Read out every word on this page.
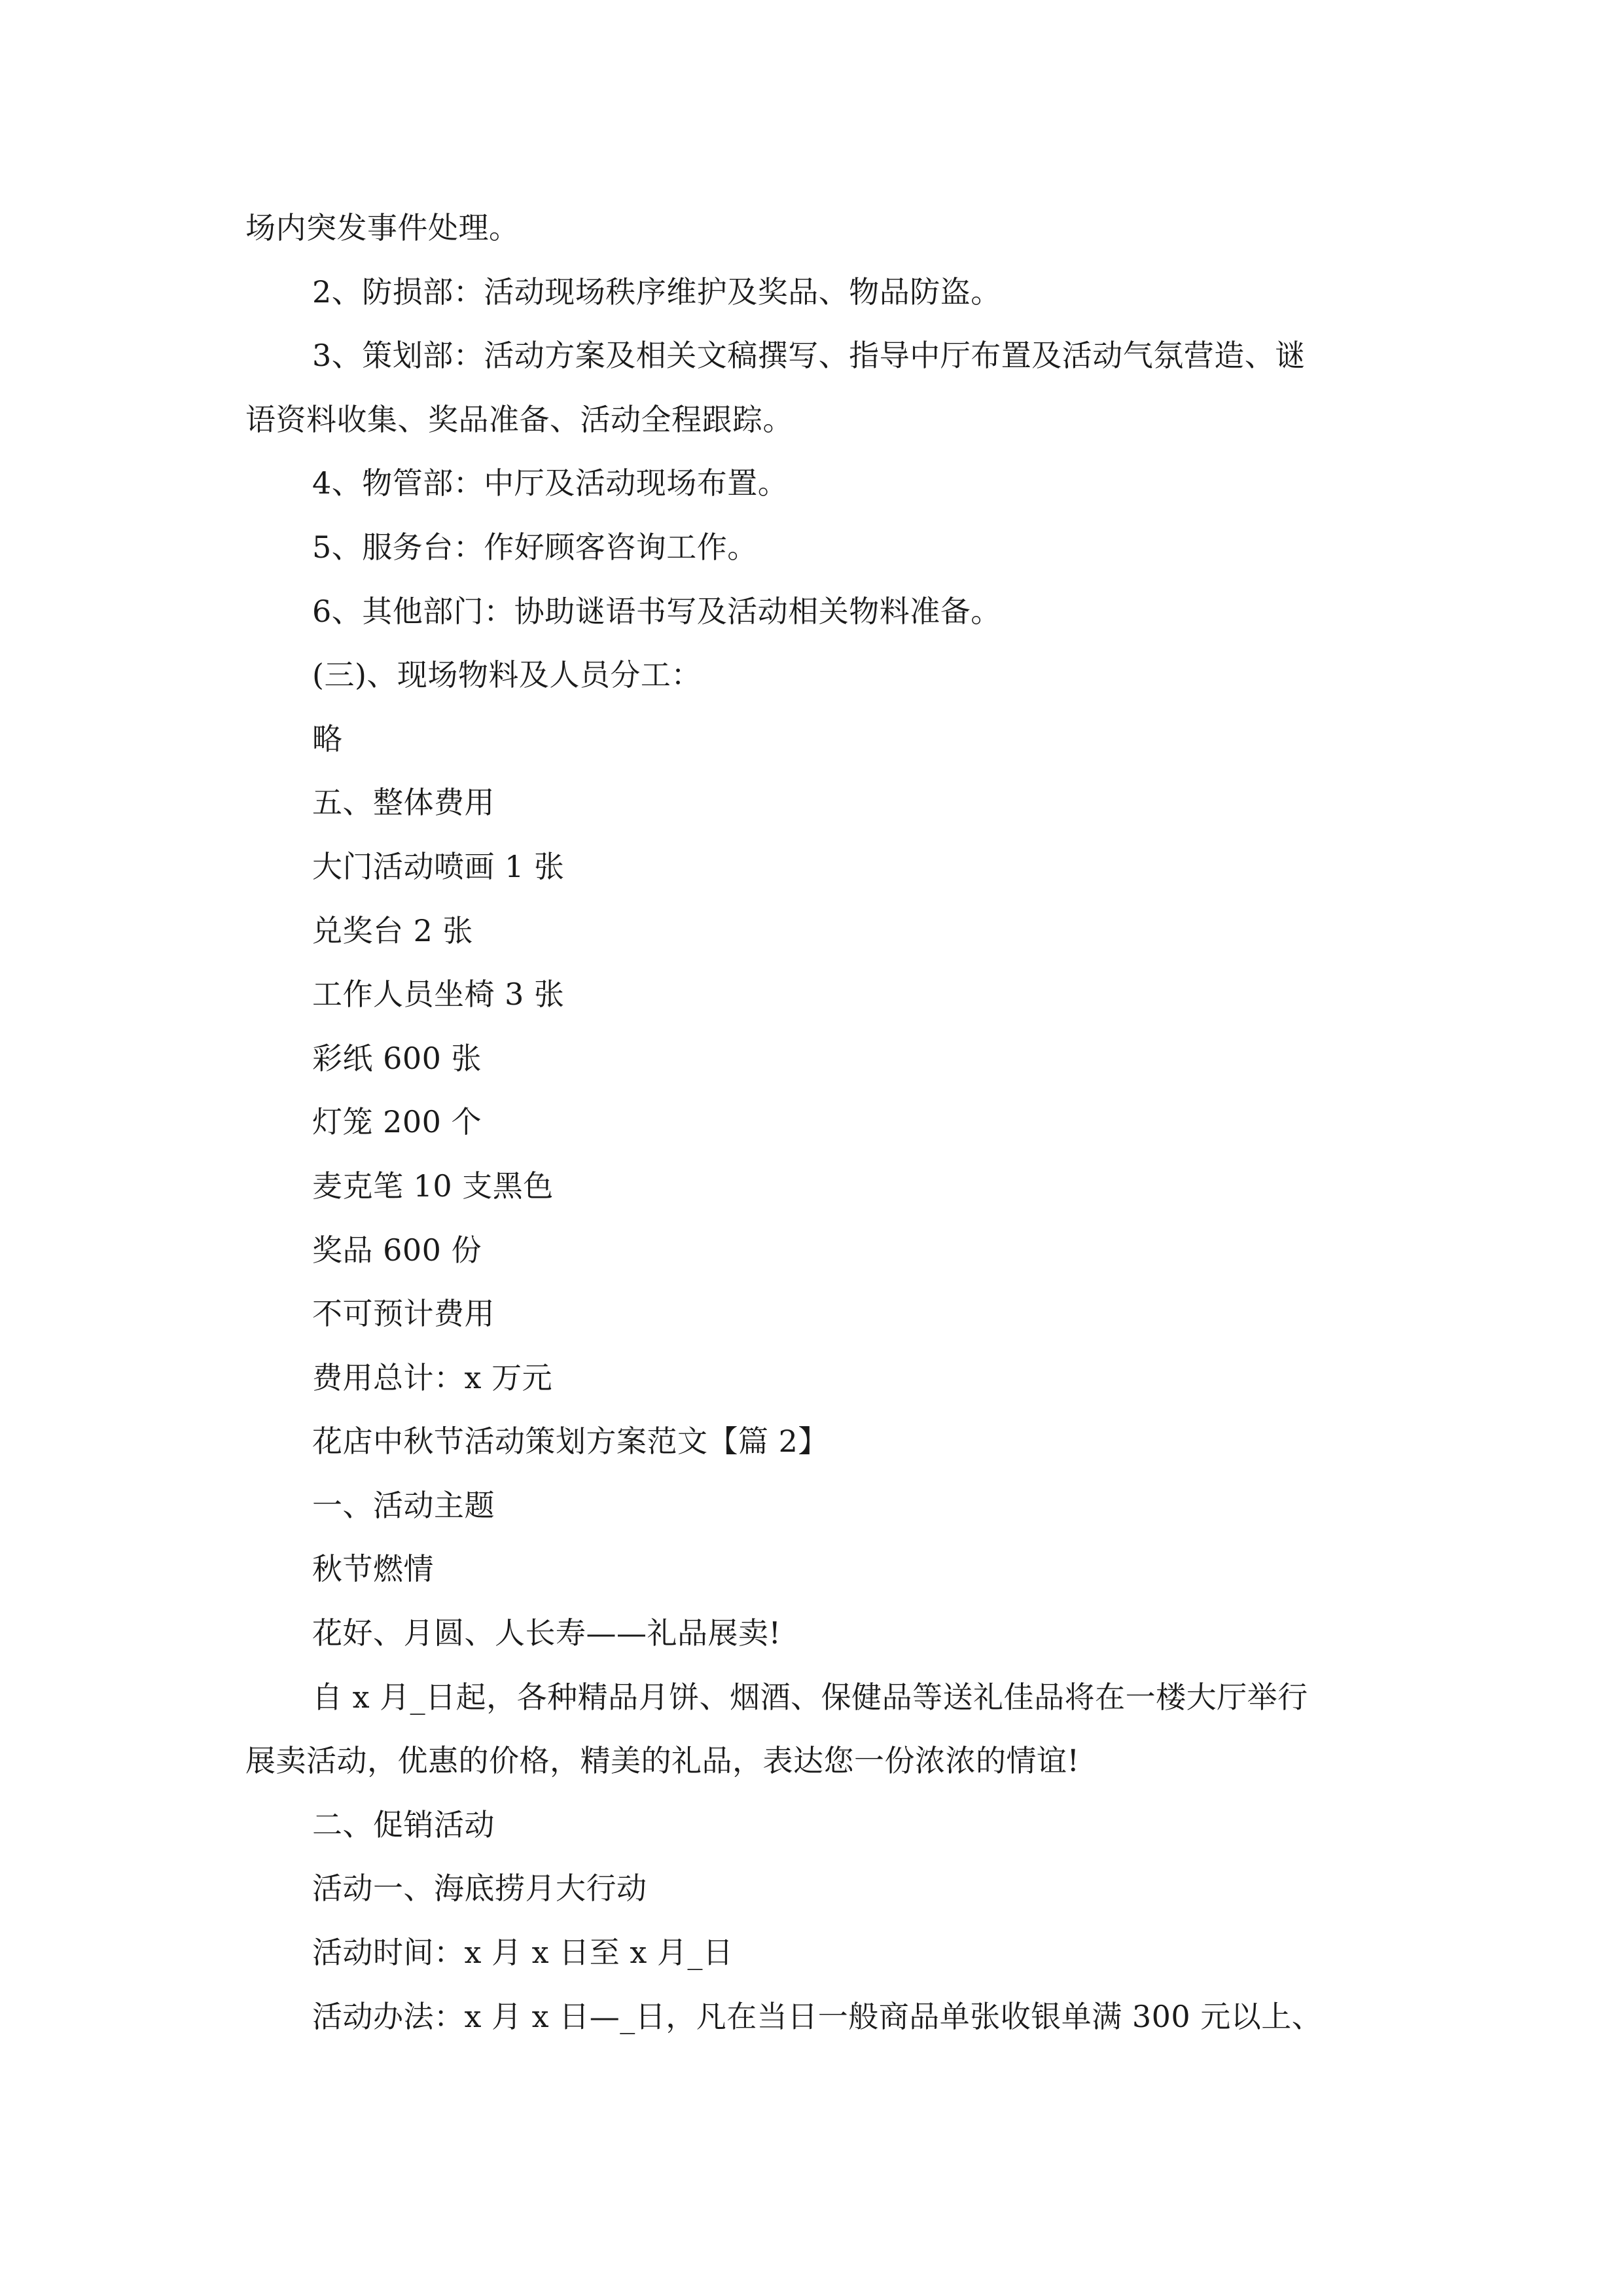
场内突发事件处理。
2、防损部：活动现场秩序维护及奖品、物品防盗。
3、策划部：活动方案及相关文稿撰写、指导中厅布置及活动气氛营造、谜
语资料收集、奖品准备、活动全程跟踪。
4、物管部：中厅及活动现场布置。
5、服务台：作好顾客咨询工作。
6、其他部门：协助谜语书写及活动相关物料准备。
(三)、现场物料及人员分工：
略
五、整体费用
大门活动喷画 1 张
兑奖台 2 张
工作人员坐椅 3 张
彩纸 600 张
灯笼 200 个
麦克笔 10 支黑色
奖品 600 份
不可预计费用
费用总计：x 万元
花店中秋节活动策划方案范文【篇 2】
一、活动主题
秋节燃情
花好、月圆、人长寿——礼品展卖!
自 x 月_日起，各种精品月饼、烟酒、保健品等送礼佳品将在一楼大厅举行
展卖活动，优惠的价格，精美的礼品，表达您一份浓浓的情谊!
二、促销活动
活动一、海底捞月大行动
活动时间：x 月 x 日至 x 月_日
活动办法：x 月 x 日—_日，凡在当日一般商品单张收银单满 300 元以上、
